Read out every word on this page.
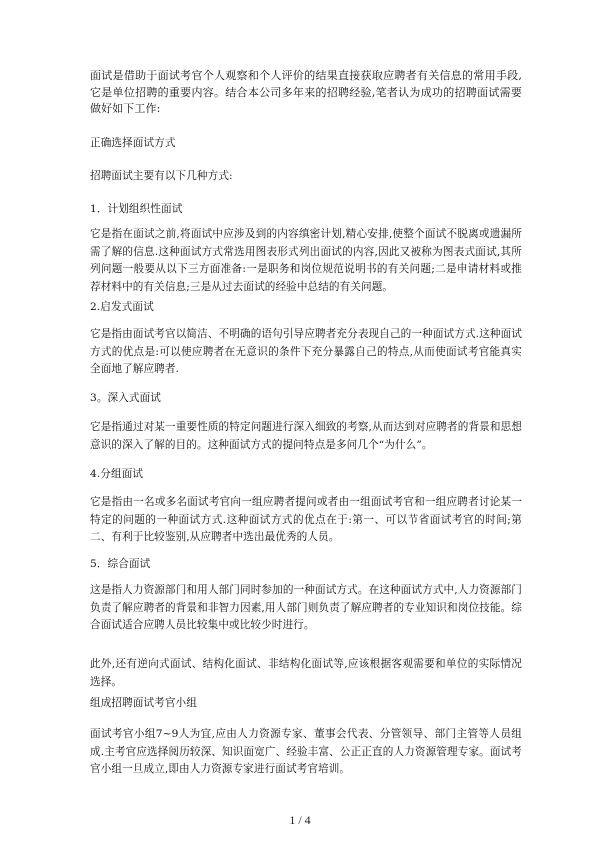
面试是借助于面试考官个人观察和个人评价的结果直接获取应聘者有关信息的常用手段,它是单位招聘的重要内容。结合本公司多年来的招聘经验,笔者认为成功的招聘面试需要做好如下工作:

正确选择面试方式

招聘面试主要有以下几种方式:

1．计划组织性面试

它是指在面试之前,将面试中应涉及到的内容缜密计划,精心安排,使整个面试不脱离或遗漏所需了解的信息.这种面试方式常选用图表形式列出面试的内容,因此又被称为图表式面试,其所列问题一般要从以下三方面准备:一是职务和岗位规范说明书的有关问题;二是申请材料或推荐材料中的有关信息;三是从过去面试的经验中总结的有关问题。

2.启发式面试

它是指由面试考官以简洁、不明确的语句引导应聘者充分表现自己的一种面试方式.这种面试方式的优点是:可以使应聘者在无意识的条件下充分暴露自己的特点,从而使面试考官能真实全面地了解应聘者.

3。深入式面试

它是指通过对某一重要性质的特定问题进行深入细致的考察,从而达到对应聘者的背景和思想意识的深入了解的目的。这种面试方式的提问特点是多问几个“为什么”。

4.分组面试

它是指由一名或多名面试考官向一组应聘者提问或者由一组面试考官和一组应聘者讨论某一特定的问题的一种面试方式.这种面试方式的优点在于:第一、可以节省面试考官的时间;第二、有利于比较鉴别,从应聘者中选出最优秀的人员。

5．综合面试

这是指人力资源部门和用人部门同时参加的一种面试方式。在这种面试方式中,人力资源部门负责了解应聘者的背景和非智力因素,用人部门则负责了解应聘者的专业知识和岗位技能。综合面试适合应聘人员比较集中或比较少时进行。

此外,还有逆向式面试、结构化面试、非结构化面试等,应该根据客观需要和单位的实际情况选择。

组成招聘面试考官小组

面试考官小组7~9人为宜,应由人力资源专家、董事会代表、分管领导、部门主管等人员组成.主考官应选择阅历较深、知识面宽广、经验丰富、公正正直的人力资源管理专家。面试考官小组一旦成立,即由人力资源专家进行面试考官培训。

1 / 4
